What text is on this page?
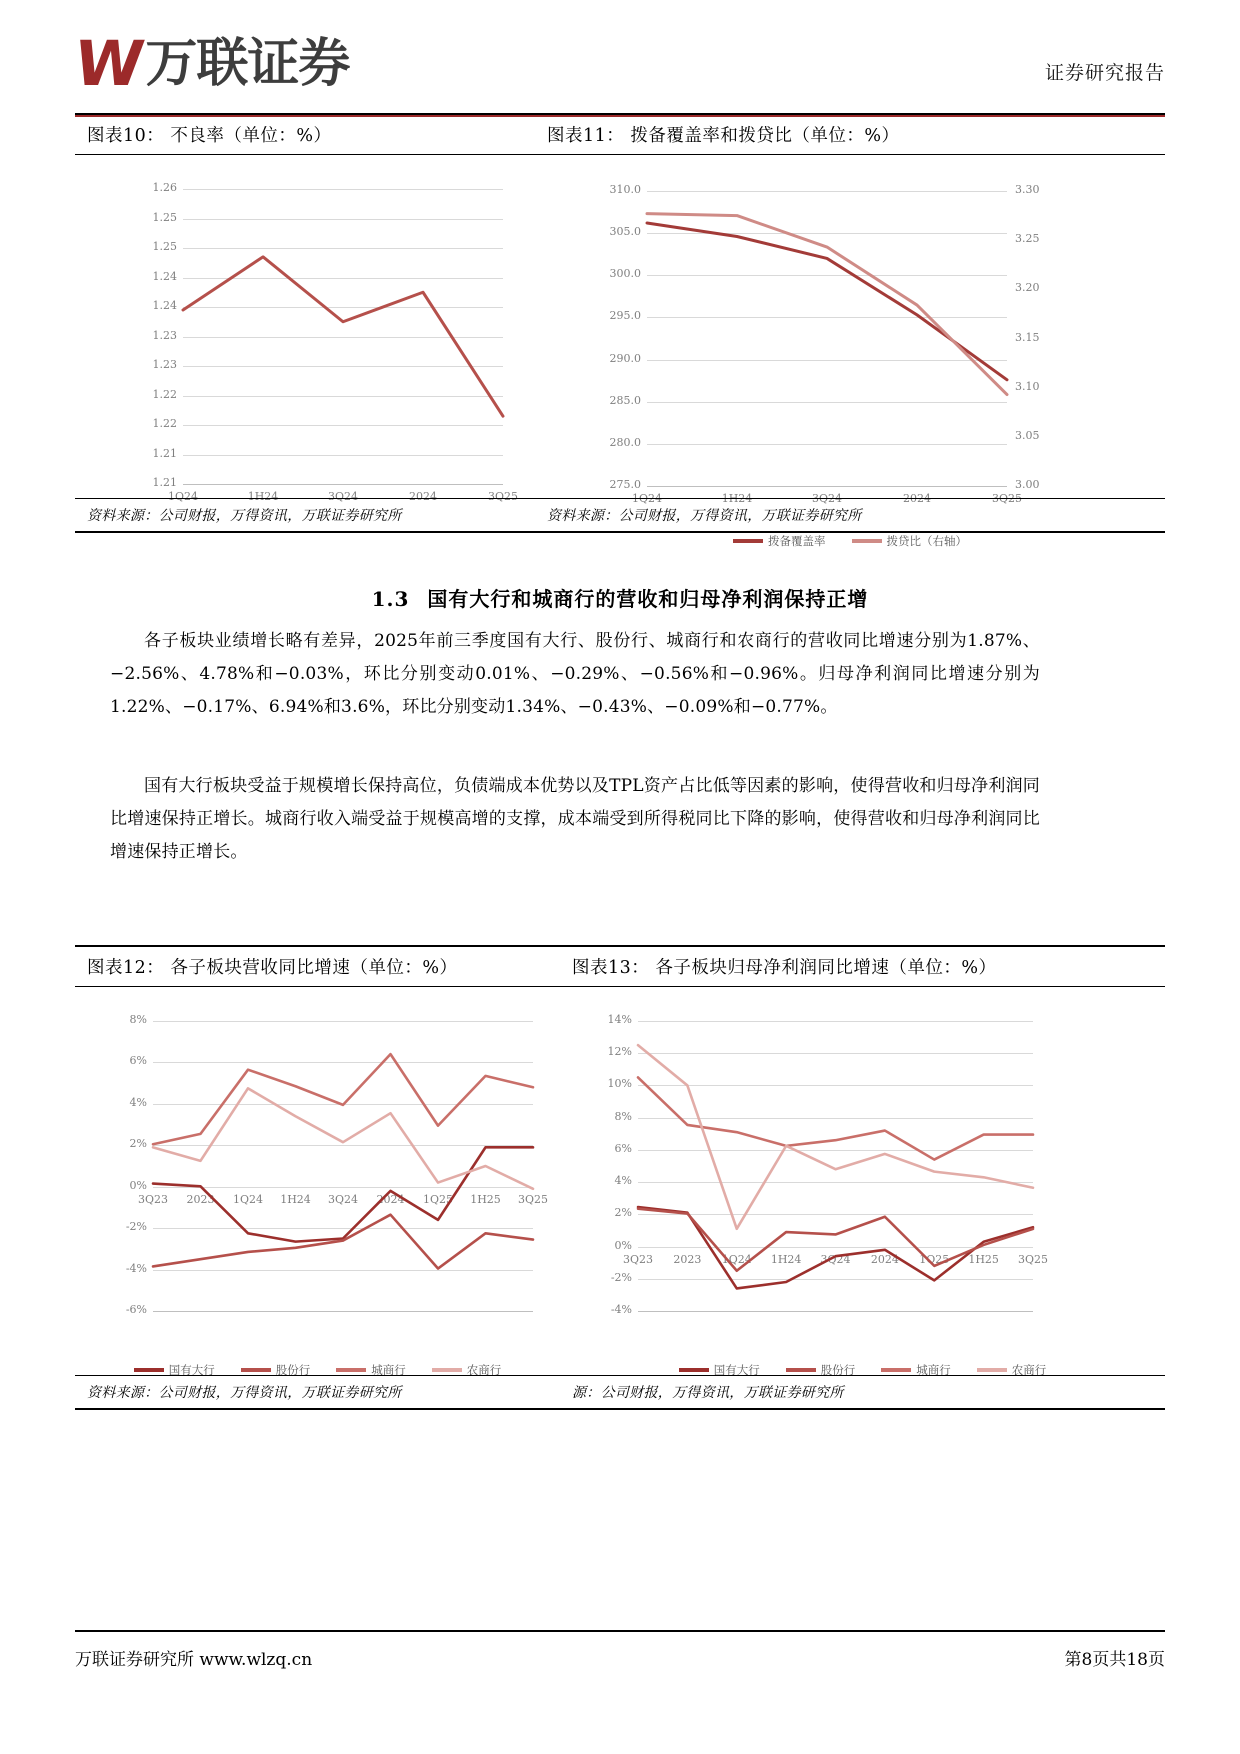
W 万联证券	证券研究报告
图表10： 不良率（单位：%）
1.26
1.25
1.25
1.24
1.24
1.23
1.23
1.22
1.22
1.21
1.21
1Q24	1H24	3Q24	2024	3Q25
图表11： 拨备覆盖率和拨贷比（单位：%）
310.0
305.0
300.0
295.0
290.0
285.0
280.0
275.0
3.30
3.25
3.20
3.15
3.10
3.05
3.00
1Q24	1H24	3Q24	2024	3Q25
拨备覆盖率	拨贷比（右轴）
资料来源：公司财报，万得资讯，万联证券研究所	资料来源：公司财报，万得资讯，万联证券研究所
1.3 国有大行和城商行的营收和归母净利润保持正增
各子板块业绩增长略有差异，2025年前三季度国有大行、股份行、城商行和农商行的营收同比增速分别为1.87%、−2.56%、4.78%和−0.03%，环比分别变动0.01%、−0.29%、−0.56%和−0.96%。归母净利润同比增速分别为1.22%、−0.17%、6.94%和3.6%，环比分别变动1.34%、−0.43%、−0.09%和−0.77%。
国有大行板块受益于规模增长保持高位，负债端成本优势以及TPL资产占比低等因素的影响，使得营收和归母净利润同比增速保持正增长。城商行收入端受益于规模高增的支撑，成本端受到所得税同比下降的影响，使得营收和归母净利润同比增速保持正增长。
图表12： 各子板块营收同比增速（单位：%）
8%
6%
4%
2%
0%
-2%
-4%
-6%
3Q23	2023	1Q24	1H24	3Q24	2024	1Q25	1H25	3Q25
国有大行	股份行	城商行	农商行
图表13： 各子板块归母净利润同比增速（单位：%）
14%
12%
10%
8%
6%
4%
2%
0%
-2%
-4%
3Q23	2023	1Q24	1H24	3Q24	2024	1Q25	1H25	3Q25
国有大行	股份行	城商行	农商行
资料来源：公司财报，万得资讯，万联证券研究所	源：公司财报，万得资讯，万联证券研究所
万联证券研究所 www.wlzq.cn	第8页共18页
